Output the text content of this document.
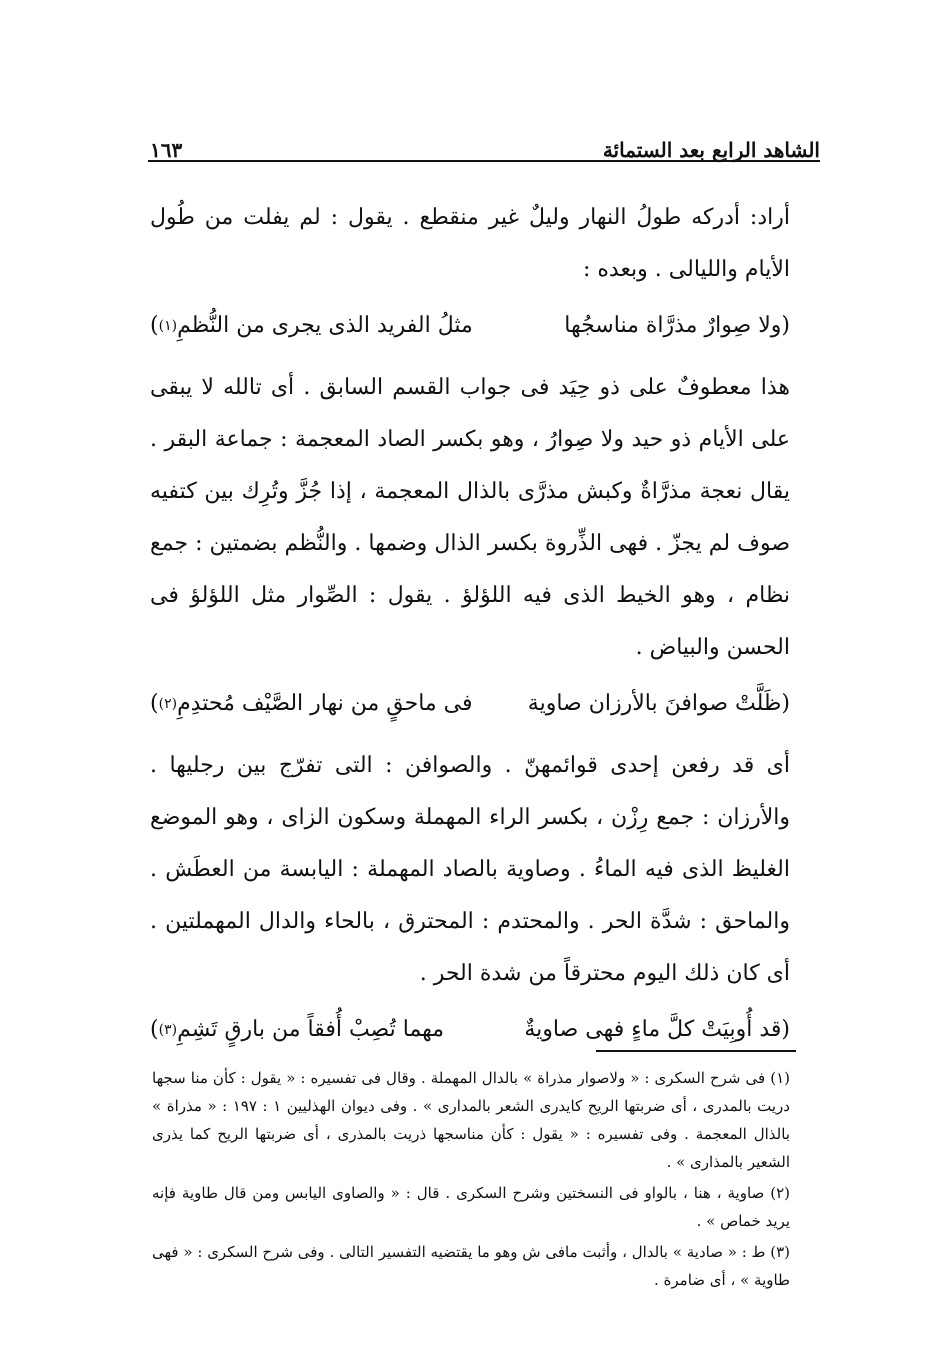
الشاهد الرابع بعد الستمائة
١٦٣

أراد: أدركه طولُ النهار وليلٌ غير منقطع . يقول : لم يفلت من طُول الأيام والليالى . وبعده :

(
ولا صِوارٌ مذرَّاة مناسجُها
مثلُ الفريد الذى يجرى من النُّظمِ
(١)
)

هذا معطوفٌ على ذو حِيَد فى جواب القسم السابق . أى تالله لا يبقى على الأيام ذو حيد ولا صِوارُ ، وهو بكسر الصاد المعجمة : جماعة البقر . يقال نعجة مذرَّاةٌ وكبش مذرَّى بالذال المعجمة ، إذا جُزَّ وتُرِك بين كتفيه صوف لم يجزّ . فهى الذِّروة بكسر الذال وضمها . والنُّظم بضمتين : جمع نظام ، وهو الخيط الذى فيه اللؤلؤ . يقول : الصِّوار مثل اللؤلؤ فى الحسن والبياض .

(
ظَلَّتْ صوافنَ بالأرزان صاوية
فى ماحقٍ من نهار الصَّيْف مُحتدِمِ
(٢)
)

أى قد رفعن إحدى قوائمهنّ . والصوافن : التى تفرّج بين رجليها . والأرزان : جمع رِزْن ، بكسر الراء المهملة وسكون الزاى ، وهو الموضع الغليظ الذى فيه الماءُ . وصاوية بالصاد المهملة : اليابسة من العطَش . والماحق : شدَّة الحر . والمحتدم : المحترق ، بالحاء والدال المهملتين . أى كان ذلك اليوم محترقاً من شدة الحر .

(
قد أُوبِيَتْ كلَّ ماءٍ فهى صاويةٌ
مهما تُصِبْ أُفقاً من بارقٍ تَشِمِ
(٣)
)

(١) فى شرح السكرى : « ولاصوار مذراة » بالدال المهملة . وقال فى تفسيره : « يقول : كأن منا سجها دريت بالمدرى ، أى ضربتها الريح كايدرى الشعر بالمدارى » . وفى ديوان الهذليين ١ : ١٩٧ : « مذراة » بالذال المعجمة . وفى تفسيره : « يقول : كأن مناسجها ذريت بالمذرى ، أى ضربتها الريح كما يذرى الشعير بالمذارى » .

(٢) صاوية ، هنا ، بالواو فى النسختين وشرح السكرى . قال : « والصاوى اليابس ومن قال طاوية فإنه يريد خماص » .

(٣) ط : « صادية » بالدال ، وأثبت مافى ش وهو ما يقتضيه التفسير التالى . وفى شرح السكرى : « فهى طاوية » ، أى ضامرة .
